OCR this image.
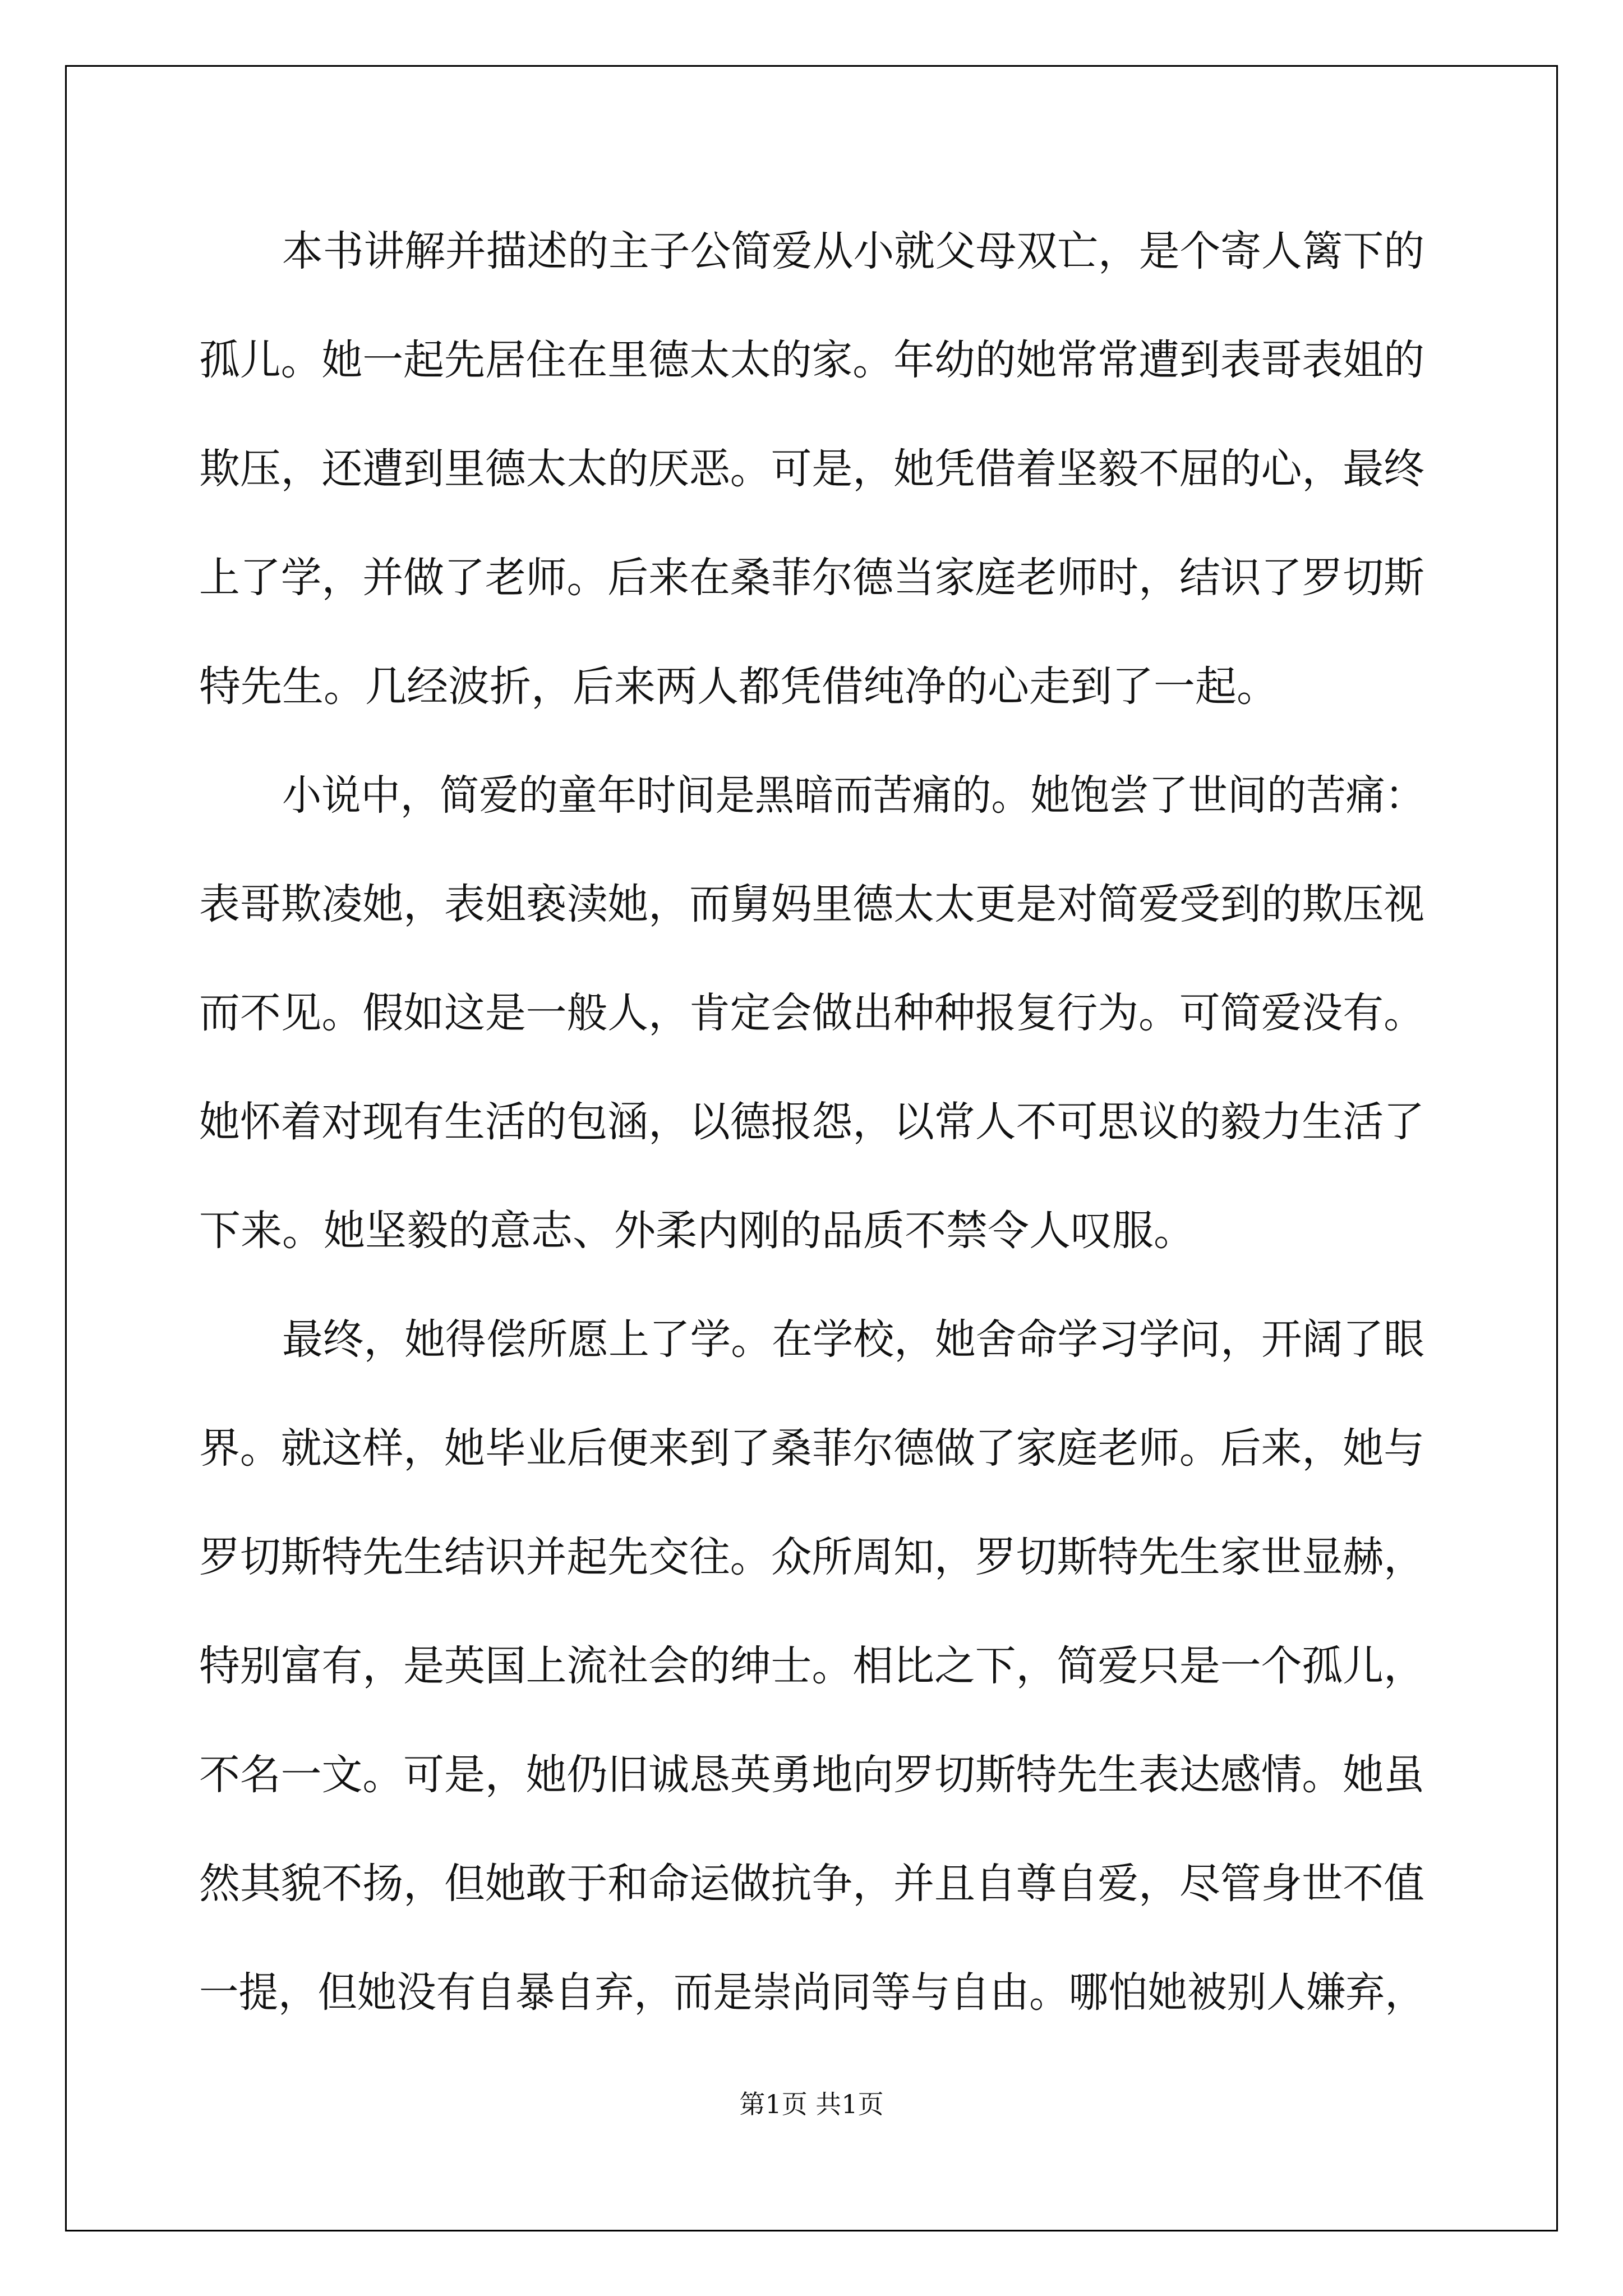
本书讲解并描述的主子公简爱从小就父母双亡，是个寄人篱下的
孤儿。她一起先居住在里德太太的家。年幼的她常常遭到表哥表姐的
欺压，还遭到里德太太的厌恶。可是，她凭借着坚毅不屈的心，最终
上了学，并做了老师。后来在桑菲尔德当家庭老师时，结识了罗切斯
特先生。几经波折，后来两人都凭借纯净的心走到了一起。
小说中，简爱的童年时间是黑暗而苦痛的。她饱尝了世间的苦痛：
表哥欺凌她，表姐亵渎她，而舅妈里德太太更是对简爱受到的欺压视
而不见。假如这是一般人，肯定会做出种种报复行为。可简爱没有。
她怀着对现有生活的包涵，以德报怨，以常人不可思议的毅力生活了
下来。她坚毅的意志、外柔内刚的品质不禁令人叹服。
最终，她得偿所愿上了学。在学校，她舍命学习学问，开阔了眼
界。就这样，她毕业后便来到了桑菲尔德做了家庭老师。后来，她与
罗切斯特先生结识并起先交往。众所周知，罗切斯特先生家世显赫，
特别富有，是英国上流社会的绅士。相比之下，简爱只是一个孤儿，
不名一文。可是，她仍旧诚恳英勇地向罗切斯特先生表达感情。她虽
然其貌不扬，但她敢于和命运做抗争，并且自尊自爱，尽管身世不值
一提，但她没有自暴自弃，而是崇尚同等与自由。哪怕她被别人嫌弃，
第1页 共1页
